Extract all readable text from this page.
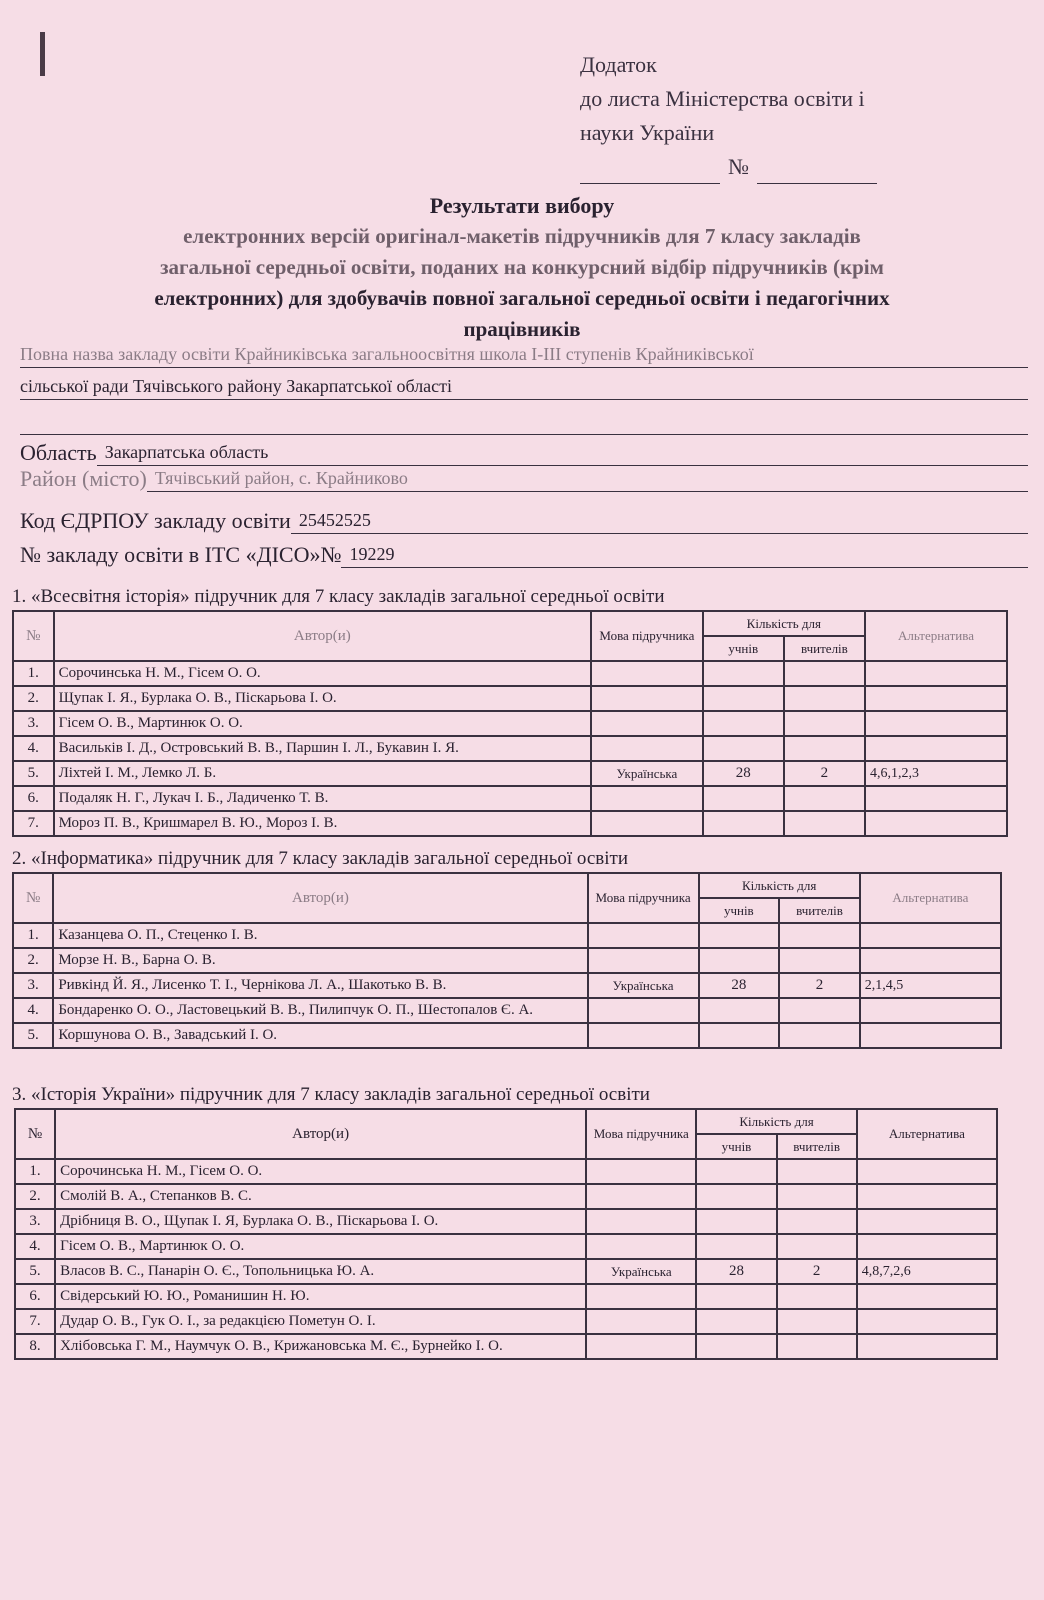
Додаток
до листа Міністерства освіти і
науки України
№
Результати вибору
електронних версій оригінал-макетів підручників для 7 класу закладів
загальної середньої освіти, поданих на конкурсний відбір підручників (крім
електронних) для здобувачів повної загальної середньої освіти і педагогічних
працівників
Повна назва закладу освіти Крайниківська загальноосвітня школа І-ІІІ ступенів Крайниківської
сільської ради Тячівського району Закарпатської області
Область Закарпатська область
Район (місто) Тячівський район, с. Крайниково
Код ЄДРПОУ закладу освіти 25452525
№ закладу освіти в ІТС «ДІСО»№ 19229
1. «Всесвітня історія» підручник для 7 класу закладів загальної середньої освіти
№	Автор(и)	Мова підручника	Кількість для		Альтернатива
			учнів	вчителів	
1.	Сорочинська Н. М., Гісем О. О.				
2.	Щупак І. Я., Бурлака О. В., Піскарьова І. О.				
3.	Гісем О. В., Мартинюк О. О.				
4.	Васильків І. Д., Островський В. В., Паршин І. Л., Букавин І. Я.				
5.	Ліхтей І. М., Лемко Л. Б.	Українська	28	2	4,6,1,2,3
6.	Подаляк Н. Г., Лукач І. Б., Ладиченко Т. В.				
7.	Мороз П. В., Кришмарел В. Ю., Мороз І. В.				
2. «Інформатика» підручник для 7 класу закладів загальної середньої освіти
№	Автор(и)	Мова підручника	Кількість для		Альтернатива
			учнів	вчителів	
1.	Казанцева О. П., Стеценко І. В.				
2.	Морзе Н. В., Барна О. В.				
3.	Ривкінд Й. Я., Лисенко Т. І., Чернікова Л. А., Шакотько В. В.	Українська	28	2	2,1,4,5
4.	Бондаренко О. О., Ластовецький В. В., Пилипчук О. П., Шестопалов Є. А.				
5.	Коршунова О. В., Завадський І. О.				
3. «Історія України» підручник для 7 класу закладів загальної середньої освіти
№	Автор(и)	Мова підручника	Кількість для		Альтернатива
			учнів	вчителів	
1.	Сорочинська Н. М., Гісем О. О.				
2.	Смолій В. А., Степанков В. С.				
3.	Дрібниця В. О., Щупак І. Я, Бурлака О. В., Піскарьова І. О.				
4.	Гісем О. В., Мартинюк О. О.				
5.	Власов В. С., Панарін О. Є., Топольницька Ю. А.	Українська	28	2	4,8,7,2,6
6.	Свідерський Ю. Ю., Романишин Н. Ю.				
7.	Дудар О. В., Гук О. І., за редакцією Пометун О. І.				
8.	Хлібовська Г. М., Наумчук О. В., Крижановська М. Є., Бурнейко І. О.				
